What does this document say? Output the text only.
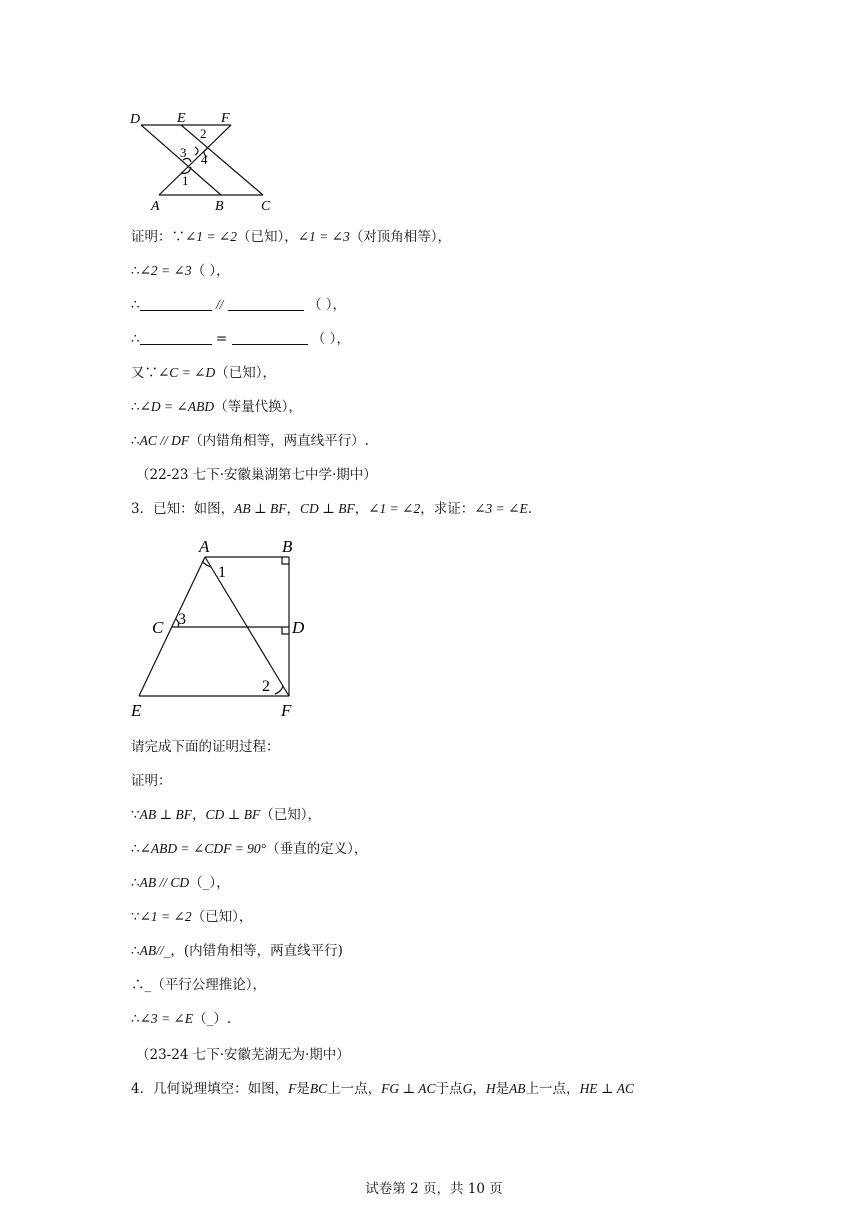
D	E	F
2
3 4
1
A	B	C
证明：∵∠1 = ∠2（已知），∠1 = ∠3（对顶角相等），
∴∠2 = ∠3（ ），
∴	//	（ ），
∴	=	（ ），
又∵∠C = ∠D（已知），
∴∠D = ∠ABD（等量代换），
∴AC // DF（内错角相等，两直线平行）.
（22-23 七下·安徽巢湖第七中学·期中）
3．已知：如图，AB ⊥ BF，CD ⊥ BF，∠1 = ∠2，求证：∠3 = ∠E.
A	B
1
C 3	D
2
E	F
请完成下面的证明过程：
证明：
∵AB ⊥ BF，CD ⊥ BF（已知），
∴∠ABD = ∠CDF = 90°（垂直的定义），
∴AB // CD（_），
∵∠1 = ∠2（已知），
∴AB//_，(内错角相等，两直线平行)
∴_（平行公理推论），
∴∠3 = ∠E（_）.
（23-24 七下·安徽芜湖无为·期中）
4．几何说理填空：如图，F是BC上一点，FG ⊥ AC于点G，H是AB上一点，HE ⊥ AC
试卷第 2 页，共 10 页
